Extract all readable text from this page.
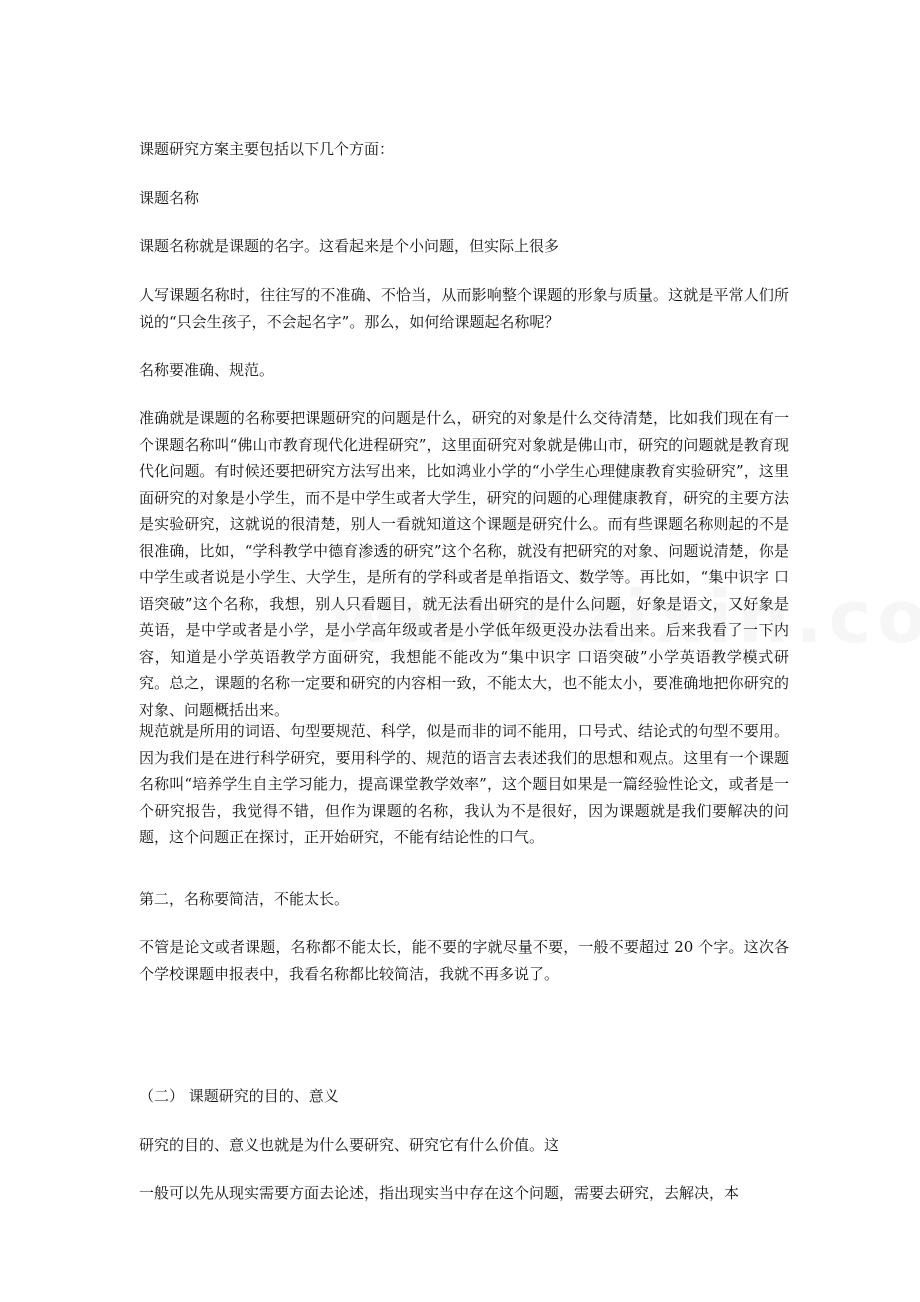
课题研究方案主要包括以下几个方面：

课题名称

课题名称就是课题的名字。这看起来是个小问题，但实际上很多

人写课题名称时，往往写的不准确、不恰当，从而影响整个课题的形象与质量。这就是平常人们所说的“只会生孩子，不会起名字”。那么，如何给课题起名称呢？

名称要准确、规范。

准确就是课题的名称要把课题研究的问题是什么，研究的对象是什么交待清楚，比如我们现在有一个课题名称叫“佛山市教育现代化进程研究”，这里面研究对象就是佛山市，研究的问题就是教育现代化问题。有时候还要把研究方法写出来，比如鸿业小学的“小学生心理健康教育实验研究”，这里面研究的对象是小学生，而不是中学生或者大学生，研究的问题的心理健康教育，研究的主要方法是实验研究，这就说的很清楚，别人一看就知道这个课题是研究什么。而有些课题名称则起的不是很准确，比如，“学科教学中德育渗透的研究”这个名称，就没有把研究的对象、问题说清楚，你是中学生或者说是小学生、大学生，是所有的学科或者是单指语文、数学等。再比如，“集中识字 口语突破”这个名称，我想，别人只看题目，就无法看出研究的是什么问题，好象是语文，又好象是英语，是中学或者是小学，是小学高年级或者是小学低年级更没办法看出来。后来我看了一下内容，知道是小学英语教学方面研究，我想能不能改为“集中识字 口语突破”小学英语教学模式研究。总之，课题的名称一定要和研究的内容相一致，不能太大，也不能太小，要准确地把你研究的对象、问题概括出来。

规范就是所用的词语、句型要规范、科学，似是而非的词不能用，口号式、结论式的句型不要用。因为我们是在进行科学研究，要用科学的、规范的语言去表述我们的思想和观点。这里有一个课题名称叫“培养学生自主学习能力，提高课堂教学效率”，这个题目如果是一篇经验性论文，或者是一个研究报告，我觉得不错，但作为课题的名称，我认为不是很好，因为课题就是我们要解决的问题，这个问题正在探讨，正开始研究，不能有结论性的口气。

第二，名称要简洁，不能太长。

不管是论文或者课题，名称都不能太长，能不要的字就尽量不要，一般不要超过 20 个字。这次各个学校课题申报表中，我看名称都比较简洁，我就不再多说了。

（二） 课题研究的目的、意义

研究的目的、意义也就是为什么要研究、研究它有什么价值。这

一般可以先从现实需要方面去论述，指出现实当中存在这个问题，需要去研究，去解决，本
